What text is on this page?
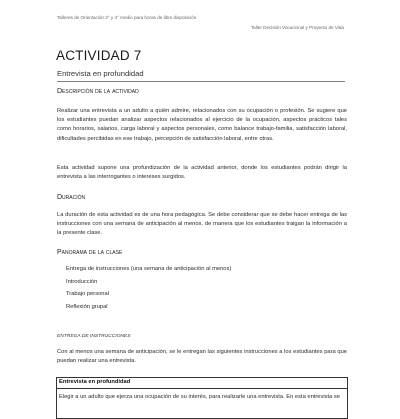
Talleres de Orientación 3° y 4° medio para horas de libre disposición
Taller Decisión Vocacional y Proyecto de Vida
ACTIVIDAD 7
Entrevista en profundidad
Descripción de la actividad

Realizar una entrevista a un adulto a quién admire, relacionados con su ocupación o profesión. Se sugiere que los estudiantes puedan analizar aspectos relacionados al ejercicio de la ocupación, aspectos prácticos tales como horarios, salarios, carga laboral y aspectos personales, como balance trabajo-familia, satisfacción laboral, dificultades percibidas en ese trabajo, percepción de satisfacción laboral, entre otras.

Esta actividad supone una profundización de la actividad anterior, donde los estudiantes podrán dirigir la entrevista a las interrogantes o intereses surgidos.

Duración

La duración de esta actividad es de una hora pedagógica. Se debe considerar que se debe hacer entrega de las instrucciones con una semana de anticipación al menos, de manera que los estudiantes traigan la información a la presente clase.

Panorama de la clase
Entrega de instrucciones (una semana de anticipación al menos)
Introducción
Trabajo personal
Reflexión grupal
ENTREGA DE INSTRUCCIONES

Con al menos una semana de anticipación, se le entregan las siguientes instrucciones a los estudiantes para que puedan realizar una entrevista.

Entrevista en profundidad

Elegir a un adulto que ejerza una ocupación de su interés, para realizarle una entrevista. En esta entrevista se
